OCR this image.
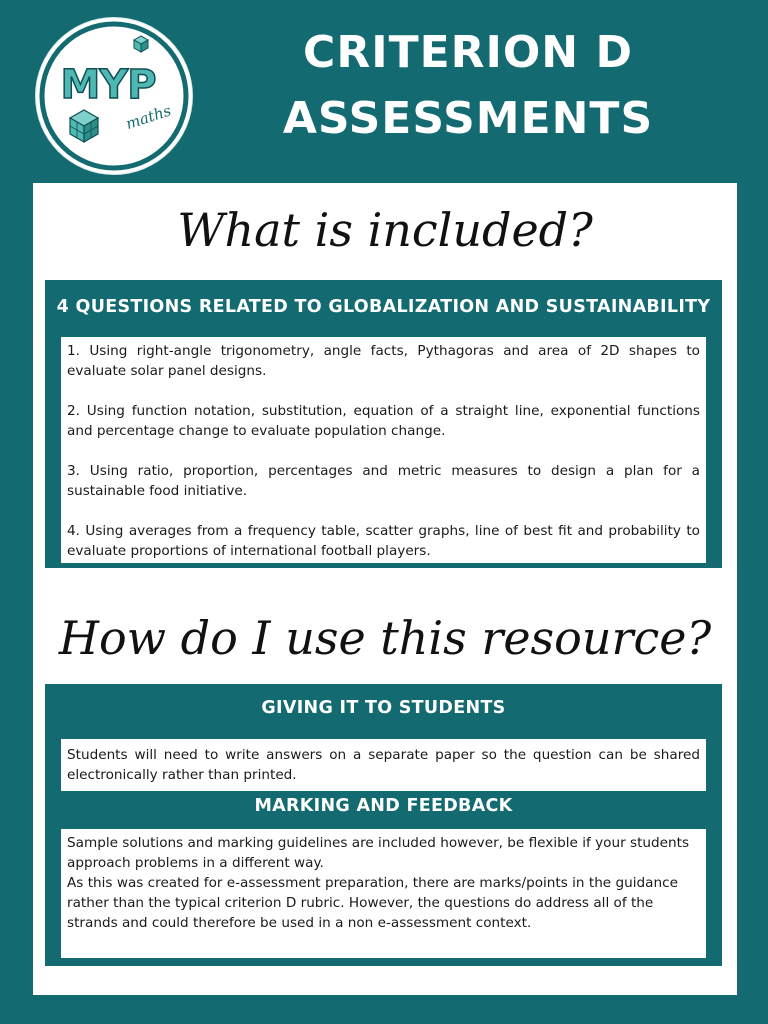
MYP
maths
CRITERION D
ASSESSMENTS
What is included?
4 QUESTIONS RELATED TO GLOBALIZATION AND SUSTAINABILITY

1. Using right-angle trigonometry, angle facts, Pythagoras and area of 2D shapes to evaluate solar panel designs.

2. Using function notation, substitution, equation of a straight line, exponential functions and percentage change to evaluate population change.

3. Using ratio, proportion, percentages and metric measures to design a plan for a sustainable food initiative.

4. Using averages from a frequency table, scatter graphs, line of best fit and probability to evaluate proportions of international football players.

How do I use this resource?
GIVING IT TO STUDENTS
Students will need to write answers on a separate paper so the question can be shared electronically rather than printed.
MARKING AND FEEDBACK
Sample solutions and marking guidelines are included however, be flexible if your students approach problems in a different way.
As this was created for e-assessment preparation, there are marks/points in the guidance rather than the typical criterion D rubric. However, the questions do address all of the strands and could therefore be used in a non e-assessment context.
